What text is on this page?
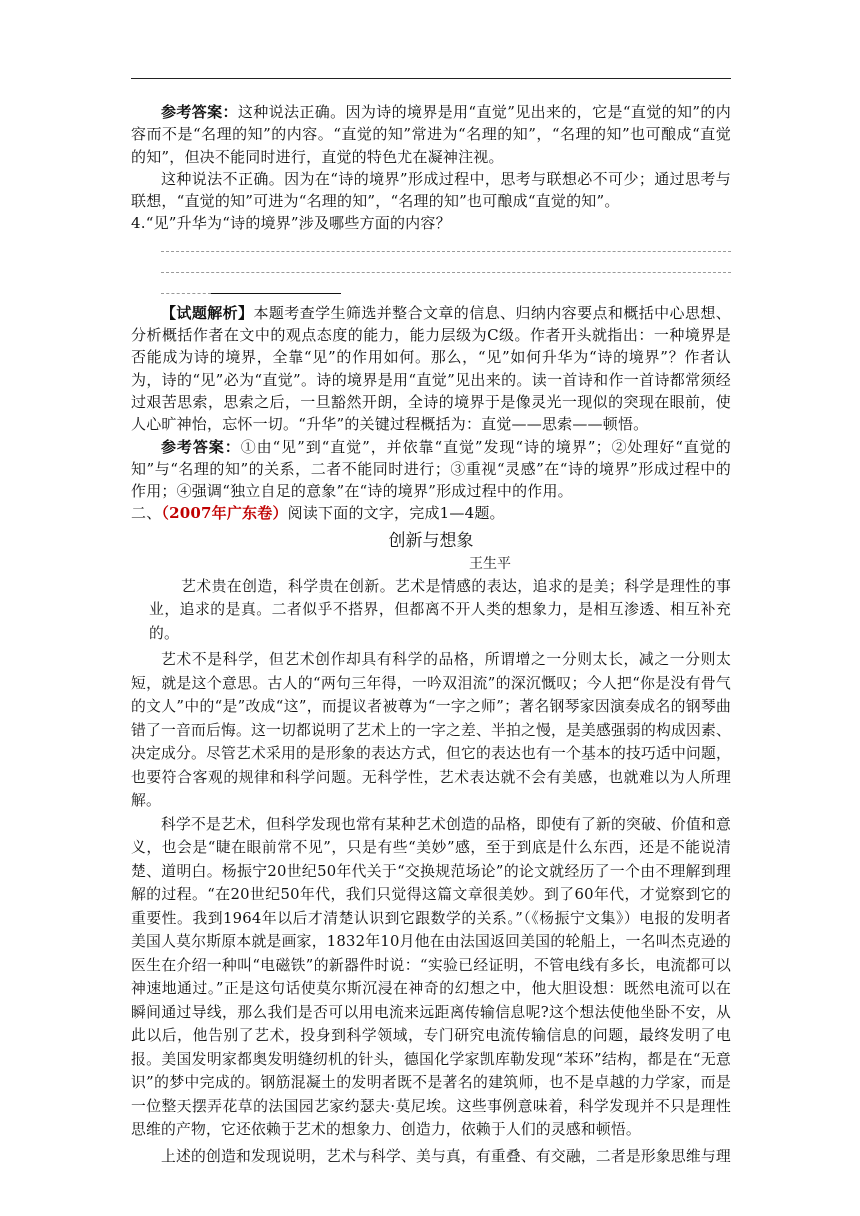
参考答案：这种说法正确。因为诗的境界是用“直觉”见出来的，它是“直觉的知”的内容而不是“名理的知”的内容。“直觉的知”常进为“名理的知”，“名理的知”也可酿成“直觉的知”，但决不能同时进行，直觉的特色尤在凝神注视。

这种说法不正确。因为在“诗的境界”形成过程中，思考与联想必不可少；通过思考与联想，“直觉的知”可进为“名理的知”，“名理的知”也可酿成“直觉的知”。

4.“见”升华为“诗的境界”涉及哪些方面的内容？

【试题解析】本题考查学生筛选并整合文章的信息、归纳内容要点和概括中心思想、分析概括作者在文中的观点态度的能力，能力层级为C级。作者开头就指出：一种境界是否能成为诗的境界，全靠“见”的作用如何。那么，“见”如何升华为“诗的境界”？作者认为，诗的“见”必为“直觉”。诗的境界是用“直觉”见出来的。读一首诗和作一首诗都常须经过艰苦思索，思索之后，一旦豁然开朗，全诗的境界于是像灵光一现似的突现在眼前，使人心旷神怡，忘怀一切。“升华”的关键过程概括为：直觉——思索——顿悟。

参考答案：①由“见”到“直觉”，并依靠“直觉”发现“诗的境界”；②处理好“直觉的知”与“名理的知”的关系，二者不能同时进行；③重视“灵感”在“诗的境界”形成过程中的作用；④强调“独立自足的意象”在“诗的境界”形成过程中的作用。

二、（2007年广东卷）阅读下面的文字，完成1—4题。

创新与想象
王生平

艺术贵在创造，科学贵在创新。艺术是情感的表达，追求的是美；科学是理性的事业，追求的是真。二者似乎不搭界，但都离不开人类的想象力，是相互渗透、相互补充的。

艺术不是科学，但艺术创作却具有科学的品格，所谓增之一分则太长，减之一分则太短，就是这个意思。古人的“两句三年得，一吟双泪流”的深沉慨叹；今人把“你是没有骨气的文人”中的“是”改成“这”，而提议者被尊为“一字之师”；著名钢琴家因演奏成名的钢琴曲错了一音而后悔。这一切都说明了艺术上的一字之差、半拍之慢，是美感强弱的构成因素、决定成分。尽管艺术采用的是形象的表达方式，但它的表达也有一个基本的技巧适中问题，也要符合客观的规律和科学问题。无科学性，艺术表达就不会有美感，也就难以为人所理解。

科学不是艺术，但科学发现也常有某种艺术创造的品格，即使有了新的突破、价值和意义，也会是“睫在眼前常不见”，只是有些“美妙”感，至于到底是什么东西，还是不能说清楚、道明白。杨振宁20世纪50年代关于“交换规范场论”的论文就经历了一个由不理解到理解的过程。“在20世纪50年代，我们只觉得这篇文章很美妙。到了60年代，才觉察到它的重要性。我到1964年以后才清楚认识到它跟数学的关系。”（《杨振宁文集》）电报的发明者美国人莫尔斯原本就是画家，1832年10月他在由法国返回美国的轮船上，一名叫杰克逊的医生在介绍一种叫“电磁铁”的新器件时说：“实验已经证明，不管电线有多长，电流都可以神速地通过。”正是这句话使莫尔斯沉浸在神奇的幻想之中，他大胆设想：既然电流可以在瞬间通过导线，那么我们是否可以用电流来远距离传输信息呢?这个想法使他坐卧不安，从此以后，他告别了艺术，投身到科学领域，专门研究电流传输信息的问题，最终发明了电报。美国发明家都奥发明缝纫机的针头，德国化学家凯库勒发现“苯环”结构，都是在“无意识”的梦中完成的。钢筋混凝土的发明者既不是著名的建筑师，也不是卓越的力学家，而是一位整天摆弄花草的法国园艺家约瑟夫·莫尼埃。这些事例意味着，科学发现并不只是理性思维的产物，它还依赖于艺术的想象力、创造力，依赖于人们的灵感和顿悟。

上述的创造和发现说明，艺术与科学、美与真，有重叠、有交融，二者是形象思维与理
